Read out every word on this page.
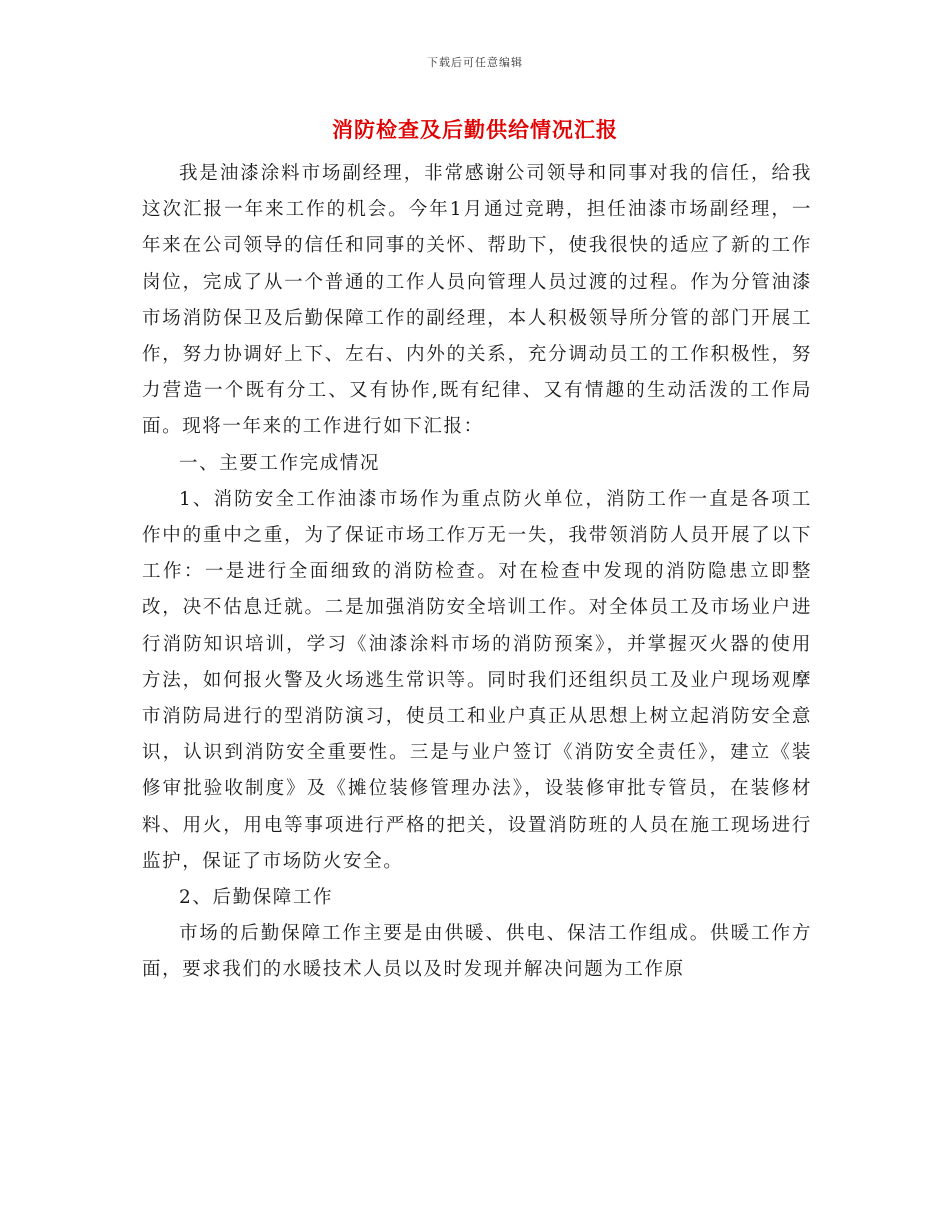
下载后可任意编辑
消防检查及后勤供给情况汇报

我是油漆涂料市场副经理，非常感谢公司领导和同事对我的信任，给我这次汇报一年来工作的机会。今年1月通过竞聘，担任油漆市场副经理，一年来在公司领导的信任和同事的关怀、帮助下，使我很快的适应了新的工作岗位，完成了从一个普通的工作人员向管理人员过渡的过程。作为分管油漆市场消防保卫及后勤保障工作的副经理，本人积极领导所分管的部门开展工作，努力协调好上下、左右、内外的关系，充分调动员工的工作积极性，努力营造一个既有分工、又有协作,既有纪律、又有情趣的生动活泼的工作局面。现将一年来的工作进行如下汇报：

一、主要工作完成情况

1、消防安全工作油漆市场作为重点防火单位，消防工作一直是各项工作中的重中之重，为了保证市场工作万无一失，我带领消防人员开展了以下工作：一是进行全面细致的消防检查。对在检查中发现的消防隐患立即整改，决不估息迁就。二是加强消防安全培训工作。对全体员工及市场业户进行消防知识培训，学习《油漆涂料市场的消防预案》，并掌握灭火器的使用方法，如何报火警及火场逃生常识等。同时我们还组织员工及业户现场观摩市消防局进行的型消防演习，使员工和业户真正从思想上树立起消防安全意识，认识到消防安全重要性。三是与业户签订《消防安全责任》，建立《装修审批验收制度》及《摊位装修管理办法》，设装修审批专管员，在装修材料、用火，用电等事项进行严格的把关，设置消防班的人员在施工现场进行监护，保证了市场防火安全。

2、后勤保障工作

市场的后勤保障工作主要是由供暖、供电、保洁工作组成。供暖工作方面，要求我们的水暖技术人员以及时发现并解决问题为工作原
